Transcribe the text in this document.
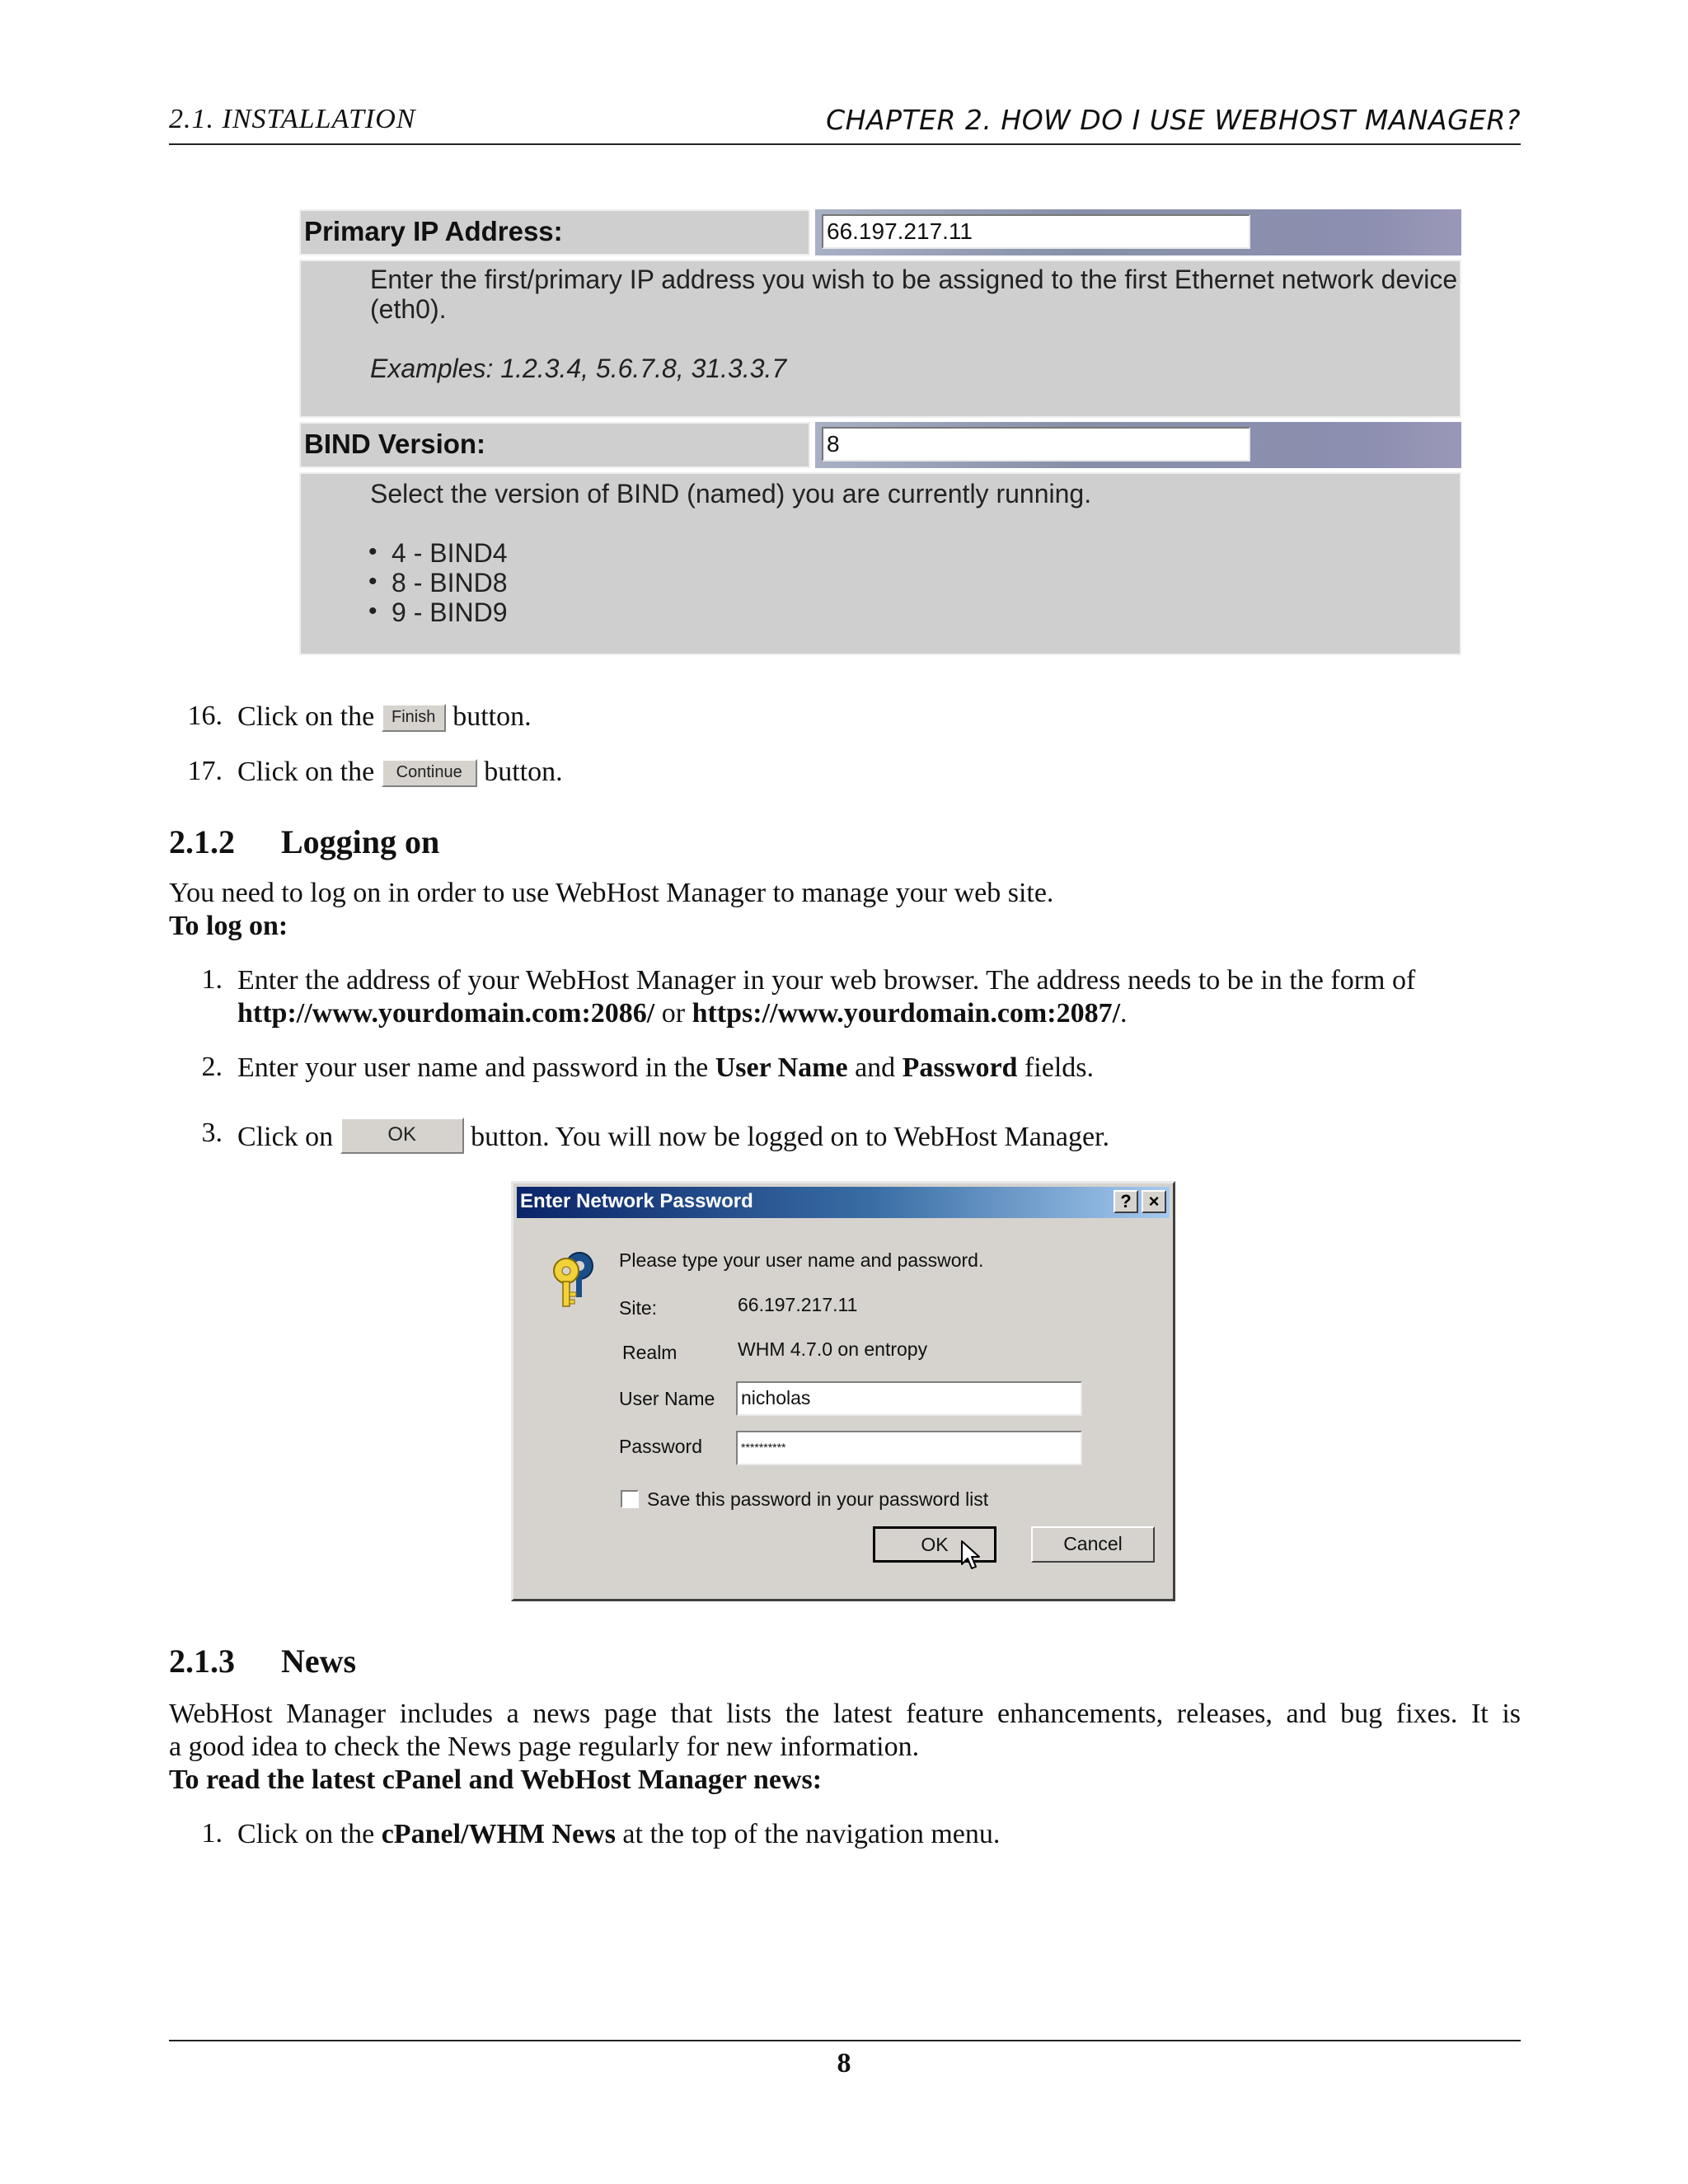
2.1. INSTALLATION	CHAPTER 2. HOW DO I USE WEBHOST MANAGER?
Primary IP Address:	66.197.217.11
Enter the first/primary IP address you wish to be assigned to the first Ethernet network device
(eth0).
Examples: 1.2.3.4, 5.6.7.8, 31.3.3.7
BIND Version:	8
Select the version of BIND (named) you are currently running.
• 4 - BIND4
• 8 - BIND8
• 9 - BIND9
16. Click on the Finish button.
17. Click on the Continue button.
2.1.2 Logging on
You need to log on in order to use WebHost Manager to manage your web site.
To log on:
1. Enter the address of your WebHost Manager in your web browser. The address needs to be in the form of
http://www.yourdomain.com:2086/ or https://www.yourdomain.com:2087/.
2. Enter your user name and password in the User Name and Password fields.
3. Click on	OK button. You will now be logged on to WebHost Manager.
Enter Network Password	? ×
Please type your user name and password.
Site:	66.197.217.11
Realm	WHM 4.7.0 on entropy
User Name nicholas
Password	**********
Save this password in your password list
OK	Cancel
2.1.3 News
WebHost Manager includes a news page that lists the latest feature enhancements, releases, and bug fixes. It is
a good idea to check the News page regularly for new information.
To read the latest cPanel and WebHost Manager news:
1. Click on the cPanel/WHM News at the top of the navigation menu.
8
